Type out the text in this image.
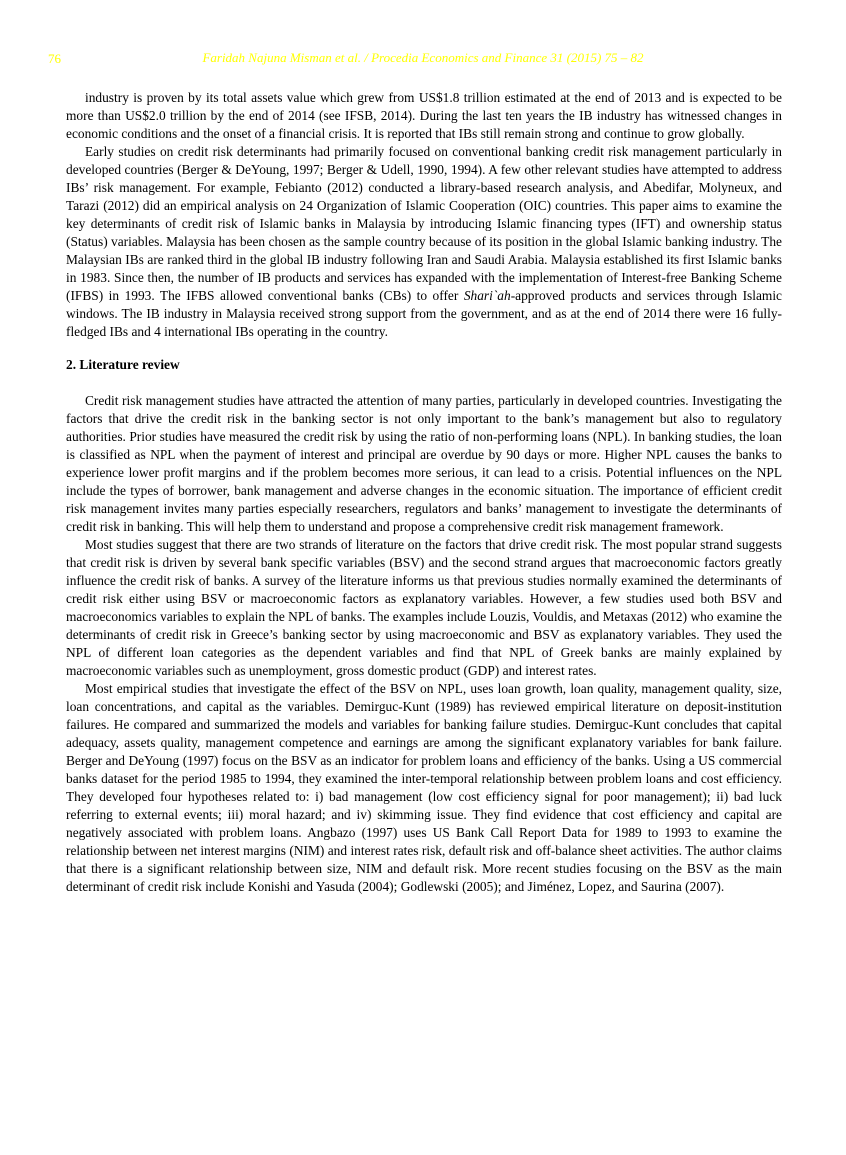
76	Faridah Najuna Misman et al. / Procedia Economics and Finance 31 (2015) 75 – 82

industry is proven by its total assets value which grew from US$1.8 trillion estimated at the end of 2013 and is expected to be more than US$2.0 trillion by the end of 2014 (see IFSB, 2014). During the last ten years the IB industry has witnessed changes in economic conditions and the onset of a financial crisis. It is reported that IBs still remain strong and continue to grow globally.

Early studies on credit risk determinants had primarily focused on conventional banking credit risk management particularly in developed countries (Berger & DeYoung, 1997; Berger & Udell, 1990, 1994). A few other relevant studies have attempted to address IBs’ risk management. For example, Febianto (2012) conducted a library-based research analysis, and Abedifar, Molyneux, and Tarazi (2012) did an empirical analysis on 24 Organization of Islamic Cooperation (OIC) countries. This paper aims to examine the key determinants of credit risk of Islamic banks in Malaysia by introducing Islamic financing types (IFT) and ownership status (Status) variables. Malaysia has been chosen as the sample country because of its position in the global Islamic banking industry. The Malaysian IBs are ranked third in the global IB industry following Iran and Saudi Arabia. Malaysia established its first Islamic banks in 1983. Since then, the number of IB products and services has expanded with the implementation of Interest-free Banking Scheme (IFBS) in 1993. The IFBS allowed conventional banks (CBs) to offer Shari`ah-approved products and services through Islamic windows. The IB industry in Malaysia received strong support from the government, and as at the end of 2014 there were 16 fully-fledged IBs and 4 international IBs operating in the country.

2. Literature review

Credit risk management studies have attracted the attention of many parties, particularly in developed countries. Investigating the factors that drive the credit risk in the banking sector is not only important to the bank’s management but also to regulatory authorities. Prior studies have measured the credit risk by using the ratio of non-performing loans (NPL). In banking studies, the loan is classified as NPL when the payment of interest and principal are overdue by 90 days or more. Higher NPL causes the banks to experience lower profit margins and if the problem becomes more serious, it can lead to a crisis. Potential influences on the NPL include the types of borrower, bank management and adverse changes in the economic situation. The importance of efficient credit risk management invites many parties especially researchers, regulators and banks’ management to investigate the determinants of credit risk in banking. This will help them to understand and propose a comprehensive credit risk management framework.

Most studies suggest that there are two strands of literature on the factors that drive credit risk. The most popular strand suggests that credit risk is driven by several bank specific variables (BSV) and the second strand argues that macroeconomic factors greatly influence the credit risk of banks. A survey of the literature informs us that previous studies normally examined the determinants of credit risk either using BSV or macroeconomic factors as explanatory variables. However, a few studies used both BSV and macroeconomics variables to explain the NPL of banks. The examples include Louzis, Vouldis, and Metaxas (2012) who examine the determinants of credit risk in Greece’s banking sector by using macroeconomic and BSV as explanatory variables. They used the NPL of different loan categories as the dependent variables and find that NPL of Greek banks are mainly explained by macroeconomic variables such as unemployment, gross domestic product (GDP) and interest rates.

Most empirical studies that investigate the effect of the BSV on NPL, uses loan growth, loan quality, management quality, size, loan concentrations, and capital as the variables. Demirguc-Kunt (1989) has reviewed empirical literature on deposit-institution failures. He compared and summarized the models and variables for banking failure studies. Demirguc-Kunt concludes that capital adequacy, assets quality, management competence and earnings are among the significant explanatory variables for bank failure. Berger and DeYoung (1997) focus on the BSV as an indicator for problem loans and efficiency of the banks. Using a US commercial banks dataset for the period 1985 to 1994, they examined the inter-temporal relationship between problem loans and cost efficiency. They developed four hypotheses related to: i) bad management (low cost efficiency signal for poor management); ii) bad luck referring to external events; iii) moral hazard; and iv) skimming issue. They find evidence that cost efficiency and capital are negatively associated with problem loans. Angbazo (1997) uses US Bank Call Report Data for 1989 to 1993 to examine the relationship between net interest margins (NIM) and interest rates risk, default risk and off-balance sheet activities. The author claims that there is a significant relationship between size, NIM and default risk. More recent studies focusing on the BSV as the main determinant of credit risk include Konishi and Yasuda (2004); Godlewski (2005); and Jiménez, Lopez, and Saurina (2007).
